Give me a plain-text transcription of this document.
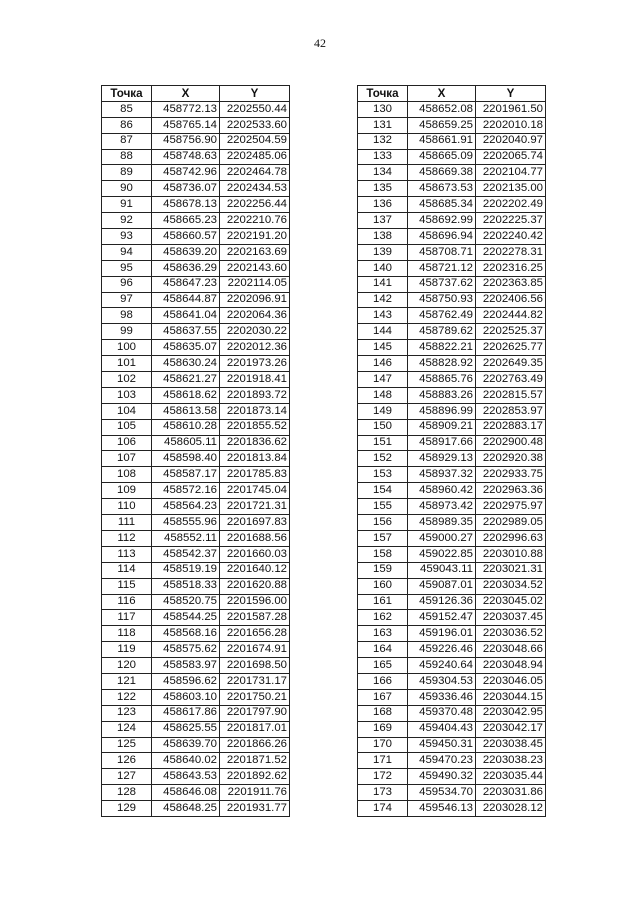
42
Точка	X	Y
85	458772.13	2202550.44
86	458765.14	2202533.60
87	458756.90	2202504.59
88	458748.63	2202485.06
89	458742.96	2202464.78
90	458736.07	2202434.53
91	458678.13	2202256.44
92	458665.23	2202210.76
93	458660.57	2202191.20
94	458639.20	2202163.69
95	458636.29	2202143.60
96	458647.23	2202114.05
97	458644.87	2202096.91
98	458641.04	2202064.36
99	458637.55	2202030.22
100	458635.07	2202012.36
101	458630.24	2201973.26
102	458621.27	2201918.41
103	458618.62	2201893.72
104	458613.58	2201873.14
105	458610.28	2201855.52
106	458605.11	2201836.62
107	458598.40	2201813.84
108	458587.17	2201785.83
109	458572.16	2201745.04
110	458564.23	2201721.31
111	458555.96	2201697.83
112	458552.11	2201688.56
113	458542.37	2201660.03
114	458519.19	2201640.12
115	458518.33	2201620.88
116	458520.75	2201596.00
117	458544.25	2201587.28
118	458568.16	2201656.28
119	458575.62	2201674.91
120	458583.97	2201698.50
121	458596.62	2201731.17
122	458603.10	2201750.21
123	458617.86	2201797.90
124	458625.55	2201817.01
125	458639.70	2201866.26
126	458640.02	2201871.52
127	458643.53	2201892.62
128	458646.08	2201911.76
129	458648.25	2201931.77
Точка	X	Y
130	458652.08	2201961.50
131	458659.25	2202010.18
132	458661.91	2202040.97
133	458665.09	2202065.74
134	458669.38	2202104.77
135	458673.53	2202135.00
136	458685.34	2202202.49
137	458692.99	2202225.37
138	458696.94	2202240.42
139	458708.71	2202278.31
140	458721.12	2202316.25
141	458737.62	2202363.85
142	458750.93	2202406.56
143	458762.49	2202444.82
144	458789.62	2202525.37
145	458822.21	2202625.77
146	458828.92	2202649.35
147	458865.76	2202763.49
148	458883.26	2202815.57
149	458896.99	2202853.97
150	458909.21	2202883.17
151	458917.66	2202900.48
152	458929.13	2202920.38
153	458937.32	2202933.75
154	458960.42	2202963.36
155	458973.42	2202975.97
156	458989.35	2202989.05
157	459000.27	2202996.63
158	459022.85	2203010.88
159	459043.11	2203021.31
160	459087.01	2203034.52
161	459126.36	2203045.02
162	459152.47	2203037.45
163	459196.01	2203036.52
164	459226.46	2203048.66
165	459240.64	2203048.94
166	459304.53	2203046.05
167	459336.46	2203044.15
168	459370.48	2203042.95
169	459404.43	2203042.17
170	459450.31	2203038.45
171	459470.23	2203038.23
172	459490.32	2203035.44
173	459534.70	2203031.86
174	459546.13	2203028.12
